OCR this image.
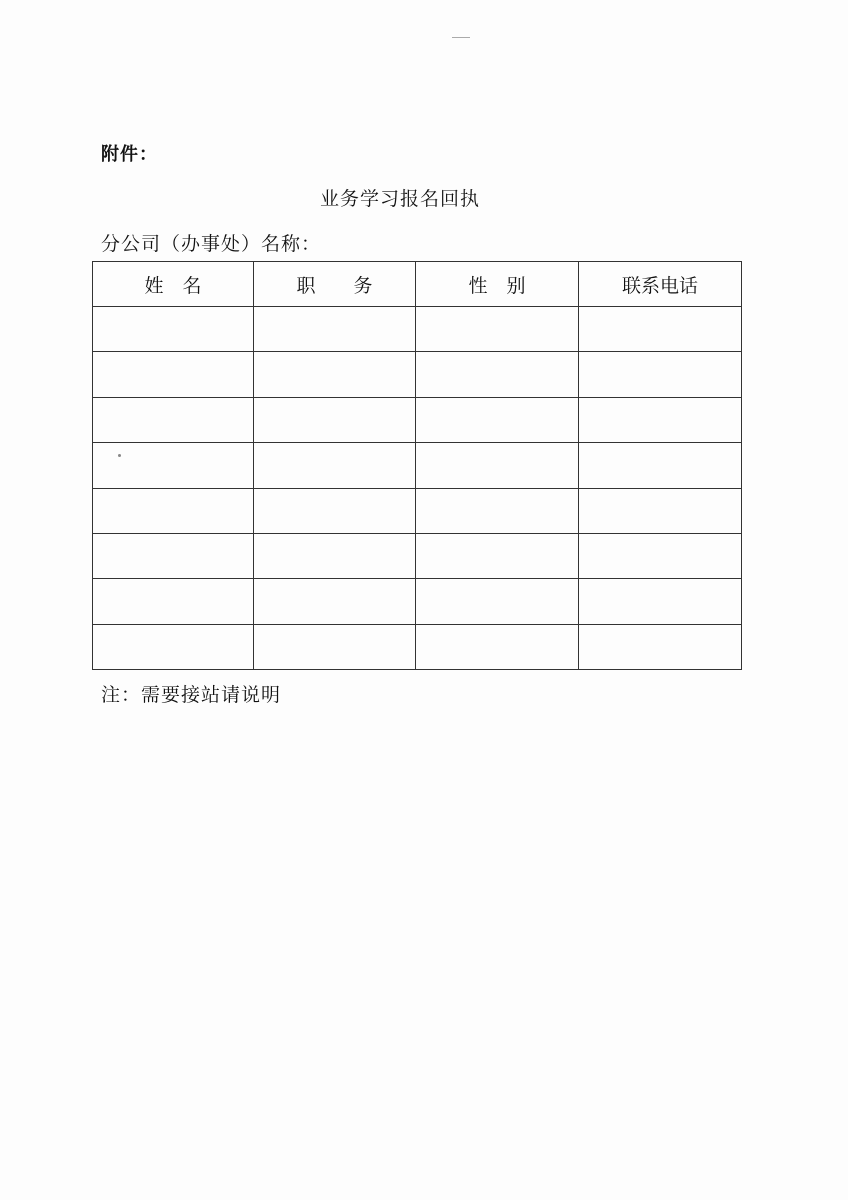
附件：
业务学习报名回执
分公司（办事处）名称：
姓　名	职　　务	性　别	联系电话

注：需要接站请说明
